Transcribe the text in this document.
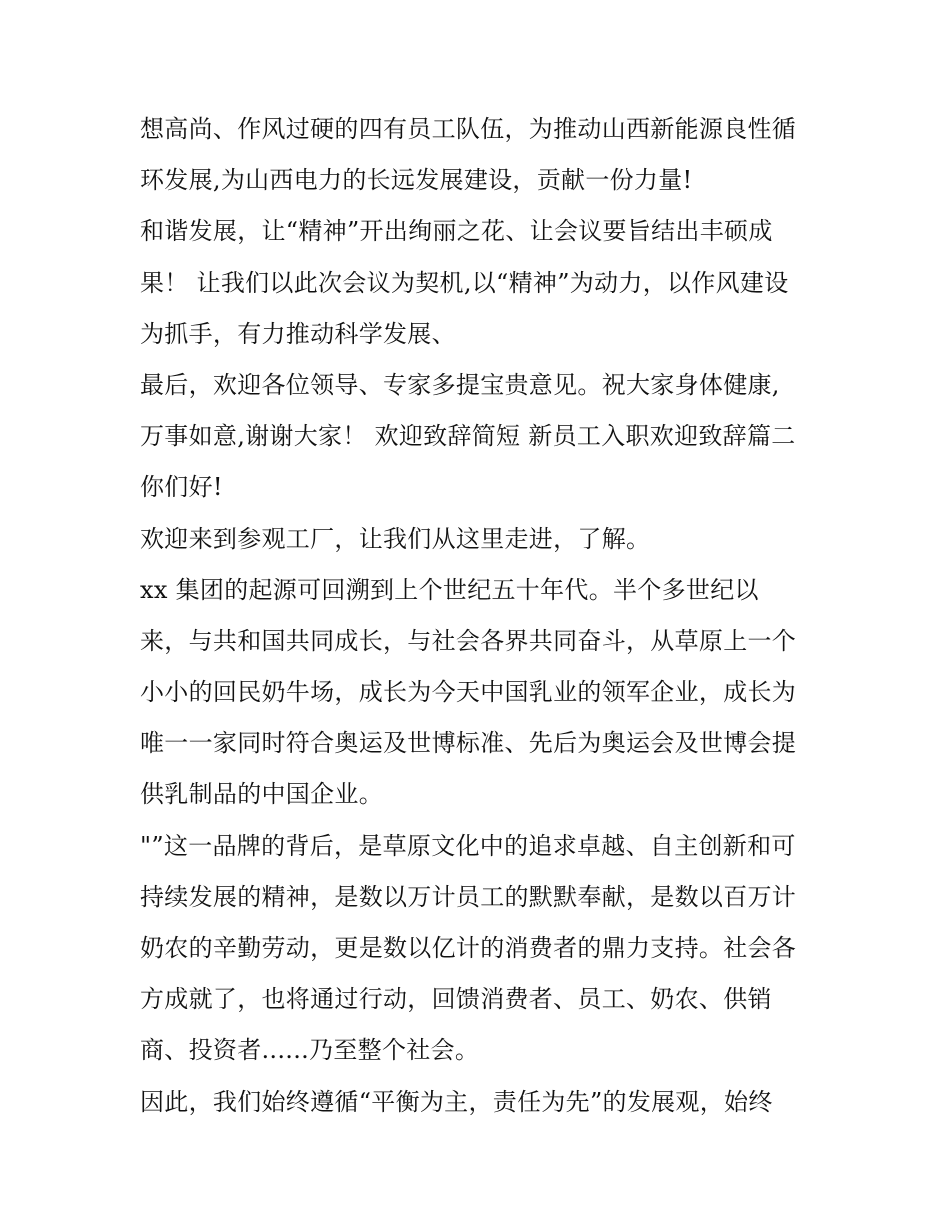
想高尚、作风过硬的四有员工队伍，为推动山西新能源良性循
环发展,为山西电力的长远发展建设，贡献一份力量!
和谐发展，让“精神”开出绚丽之花、让会议要旨结出丰硕成
果！ 让我们以此次会议为契机,以“精神”为动力，以作风建设
为抓手，有力推动科学发展、
最后，欢迎各位领导、专家多提宝贵意见。祝大家身体健康,
万事如意,谢谢大家！ 欢迎致辞简短 新员工入职欢迎致辞篇二
你们好!
欢迎来到参观工厂，让我们从这里走进，了解。
xx 集团的起源可回溯到上个世纪五十年代。半个多世纪以
来，与共和国共同成长，与社会各界共同奋斗，从草原上一个
小小的回民奶牛场，成长为今天中国乳业的领军企业，成长为
唯一一家同时符合奥运及世博标准、先后为奥运会及世博会提
供乳制品的中国企业。
"”这一品牌的背后，是草原文化中的追求卓越、自主创新和可
持续发展的精神，是数以万计员工的默默奉献，是数以百万计
奶农的辛勤劳动，更是数以亿计的消费者的鼎力支持。社会各
方成就了，也将通过行动，回馈消费者、员工、奶农、供销
商、投资者......乃至整个社会。
因此，我们始终遵循“平衡为主，责任为先”的发展观，始终
